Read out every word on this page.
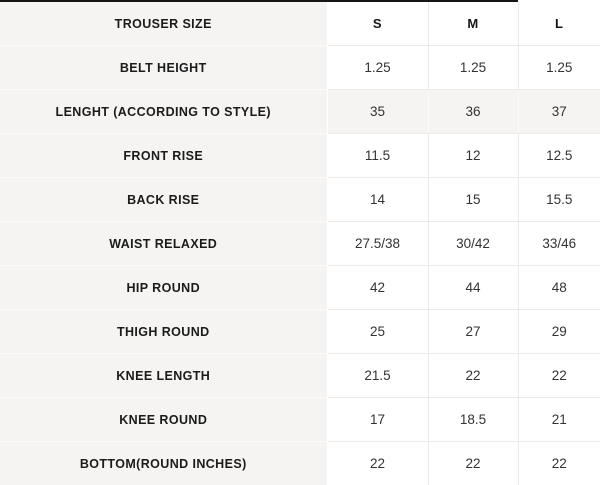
TROUSER SIZE	S	M	L
BELT HEIGHT	1.25	1.25	1.25
LENGHT (ACCORDING TO STYLE)	35	36	37
FRONT RISE	11.5	12	12.5
BACK RISE	14	15	15.5
WAIST RELAXED	27.5/38	30/42	33/46
HIP ROUND	42	44	48
THIGH ROUND	25	27	29
KNEE LENGTH	21.5	22	22
KNEE ROUND	17	18.5	21
BOTTOM(ROUND INCHES)	22	22	22
